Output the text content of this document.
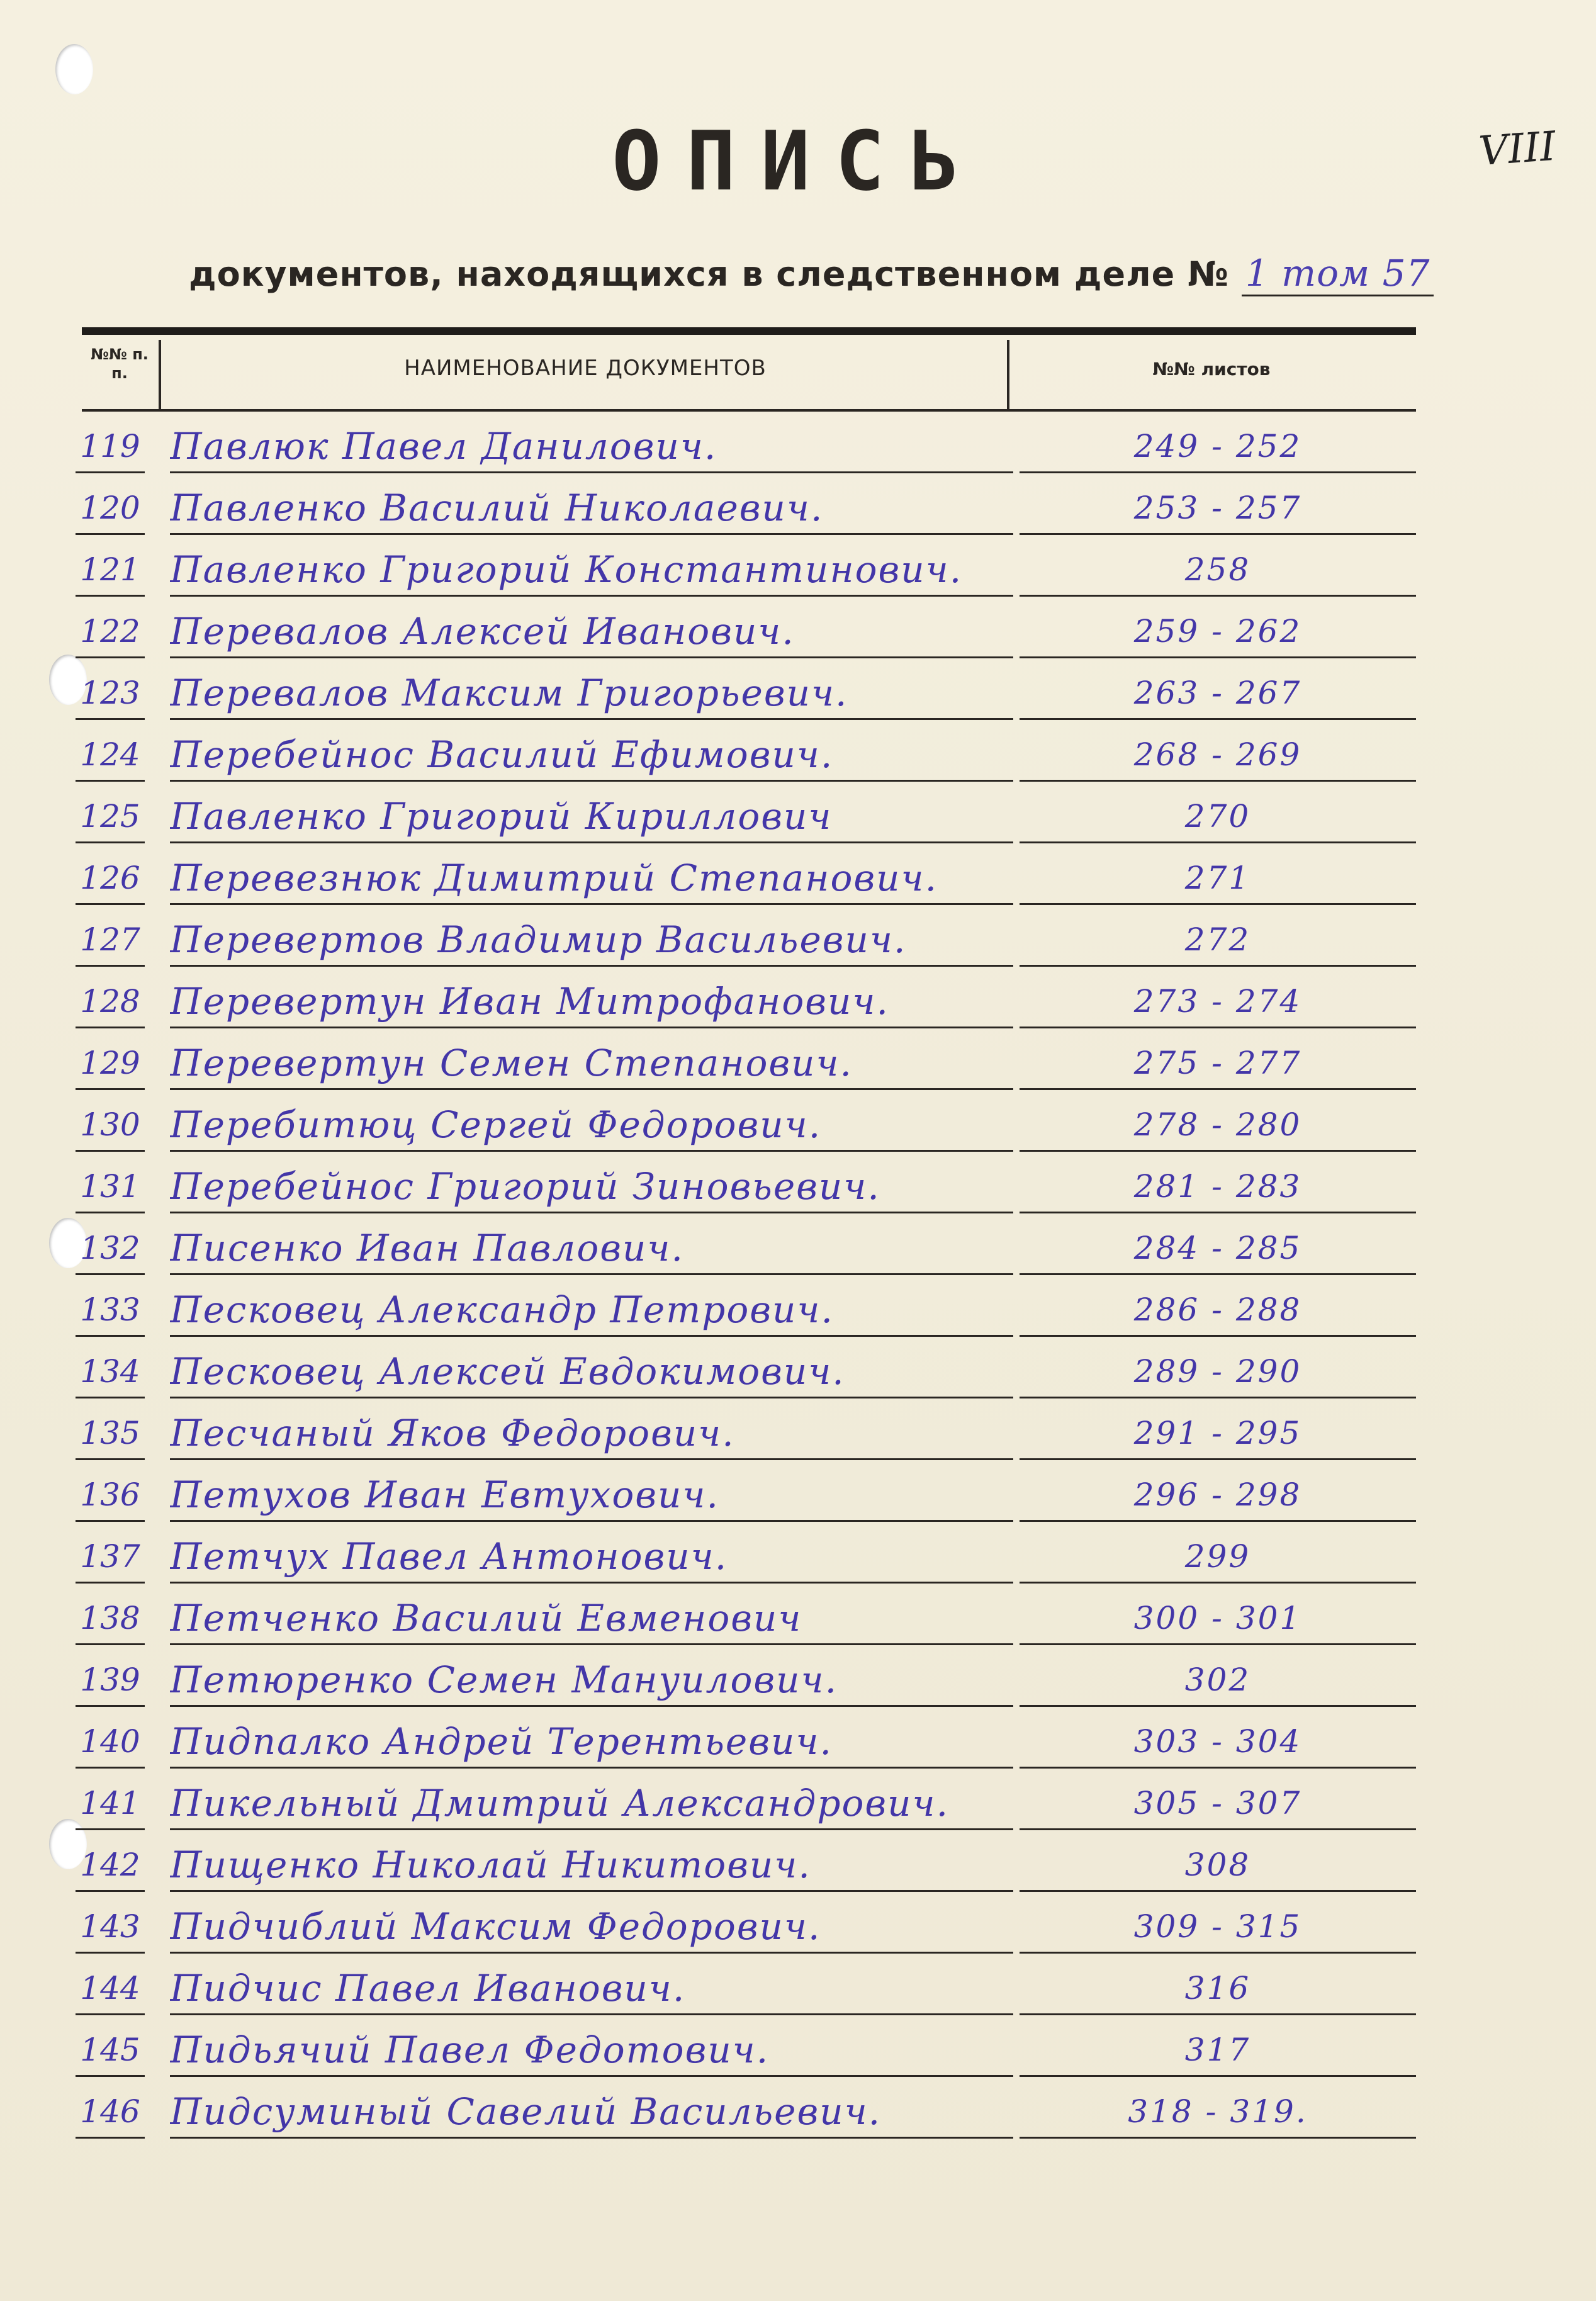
VIII
ОПИСЬ
документов, находящихся в следственном деле № 1 том 57
№№ п. п.	НАИМЕНОВАНИЕ ДОКУМЕНТОВ	№№ листов
119 Павлюк Павел Данилович.	249 - 252
120 Павленко Василий Николаевич.	253 - 257
121 Павленко Григорий Константинович.	258
122 Перевалов Алексей Иванович.	259 - 262
123 Перевалов Максим Григорьевич.	263 - 267
124 Перебейнос Василий Ефимович.	268 - 269
125 Павленко Григорий Кириллович	270
126 Перевезнюк Димитрий Степанович.	271
127 Перевертов Владимир Васильевич.	272
128 Перевертун Иван Митрофанович.	273 - 274
129 Перевертун Семен Степанович.	275 - 277
130 Перебитюц Сергей Федорович.	278 - 280
131 Перебейнос Григорий Зиновьевич.	281 - 283
132 Писенко Иван Павлович.	284 - 285
133 Песковец Александр Петрович.	286 - 288
134 Песковец Алексей Евдокимович.	289 - 290
135 Песчаный Яков Федорович.	291 - 295
136 Петухов Иван Евтухович.	296 - 298
137 Петчух Павел Антонович.	299
138 Петченко Василий Евменович	300 - 301
139 Петюренко Семен Мануилович.	302
140 Пидпалко Андрей Терентьевич.	303 - 304
141 Пикельный Дмитрий Александрович.	305 - 307
142 Пищенко Николай Никитович.	308
143 Пидчиблий Максим Федорович.	309 - 315
144 Пидчис Павел Иванович.	316
145 Пидьячий Павел Федотович.	317
146 Пидсуминый Савелий Васильевич.	318 - 319.
